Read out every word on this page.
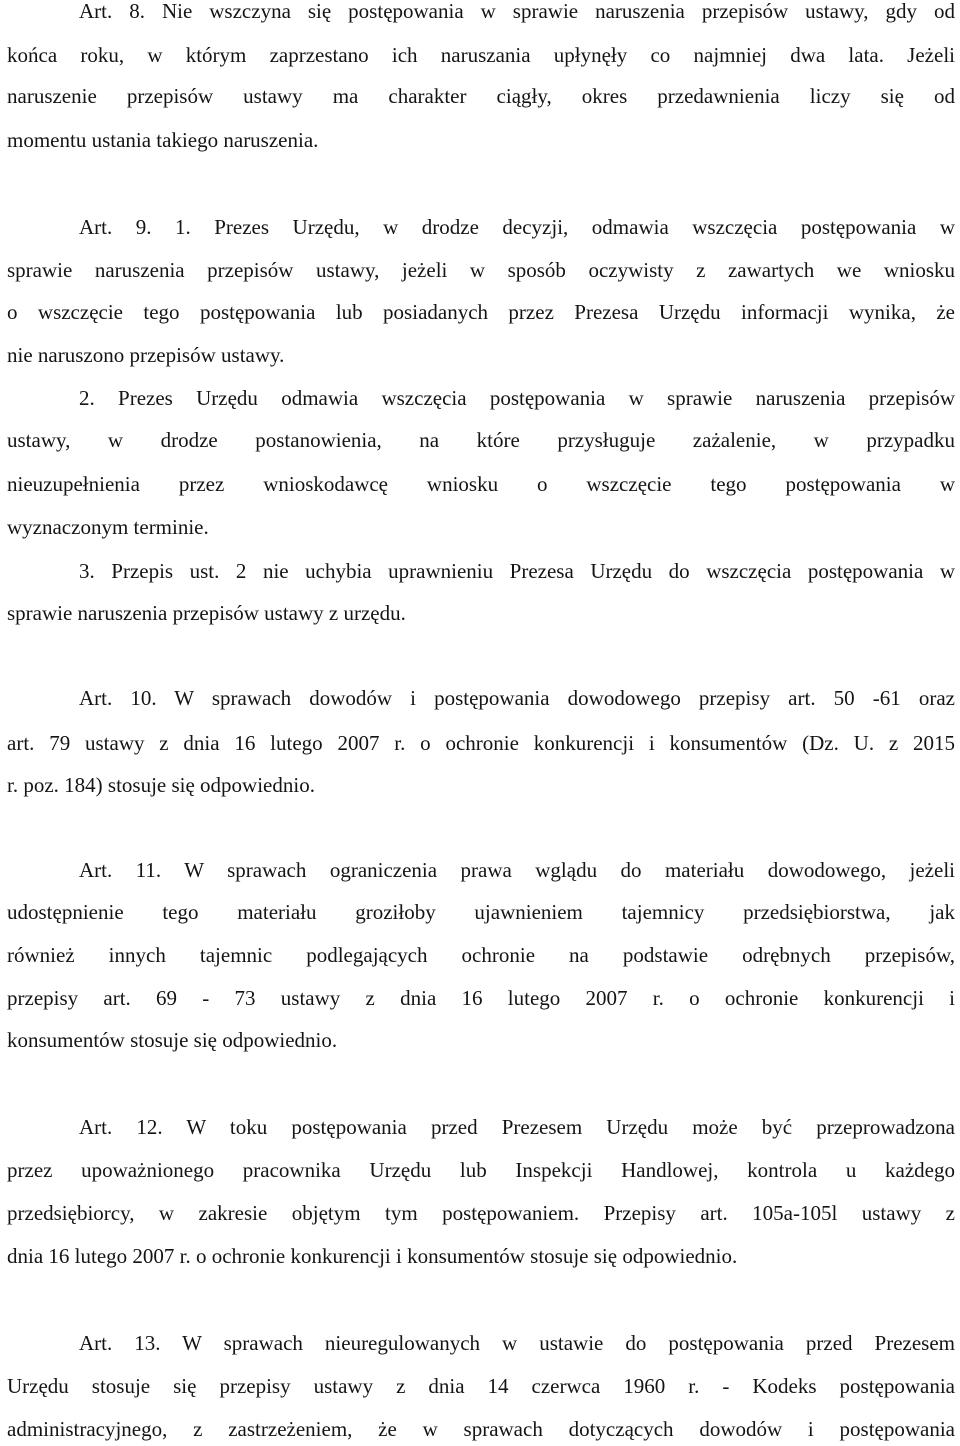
Art. 8. Nie wszczyna się postępowania w sprawie naruszenia przepisów ustawy, gdy od
końca roku, w którym zaprzestano ich naruszania upłynęły co najmniej dwa lata. Jeżeli
naruszenie przepisów ustawy ma charakter ciągły, okres przedawnienia liczy się od
momentu ustania takiego naruszenia.
Art. 9. 1. Prezes Urzędu, w drodze decyzji, odmawia wszczęcia postępowania w
sprawie naruszenia przepisów ustawy, jeżeli w sposób oczywisty z zawartych we wniosku
o wszczęcie tego postępowania lub posiadanych przez Prezesa Urzędu informacji wynika, że
nie naruszono przepisów ustawy.
2. Prezes Urzędu odmawia wszczęcia postępowania w sprawie naruszenia przepisów
ustawy, w drodze postanowienia, na które przysługuje zażalenie, w przypadku
nieuzupełnienia przez wnioskodawcę wniosku o wszczęcie tego postępowania w
wyznaczonym terminie.
3. Przepis ust. 2 nie uchybia uprawnieniu Prezesa Urzędu do wszczęcia postępowania w
sprawie naruszenia przepisów ustawy z urzędu.
Art. 10. W sprawach dowodów i postępowania dowodowego przepisy art. 50 -61 oraz
art. 79 ustawy z dnia 16 lutego 2007 r. o ochronie konkurencji i konsumentów (Dz. U. z 2015
r. poz. 184) stosuje się odpowiednio.
Art. 11. W sprawach ograniczenia prawa wglądu do materiału dowodowego, jeżeli
udostępnienie tego materiału groziłoby ujawnieniem tajemnicy przedsiębiorstwa, jak
również innych tajemnic podlegających ochronie na podstawie odrębnych przepisów,
przepisy art. 69 - 73 ustawy z dnia 16 lutego 2007 r. o ochronie konkurencji i
konsumentów stosuje się odpowiednio.
Art. 12. W toku postępowania przed Prezesem Urzędu może być przeprowadzona
przez upoważnionego pracownika Urzędu lub Inspekcji Handlowej, kontrola u każdego
przedsiębiorcy, w zakresie objętym tym postępowaniem. Przepisy art. 105a-105l ustawy z
dnia 16 lutego 2007 r. o ochronie konkurencji i konsumentów stosuje się odpowiednio.
Art. 13. W sprawach nieuregulowanych w ustawie do postępowania przed Prezesem
Urzędu stosuje się przepisy ustawy z dnia 14 czerwca 1960 r. - Kodeks postępowania
administracyjnego, z zastrzeżeniem, że w sprawach dotyczących dowodów i postępowania
